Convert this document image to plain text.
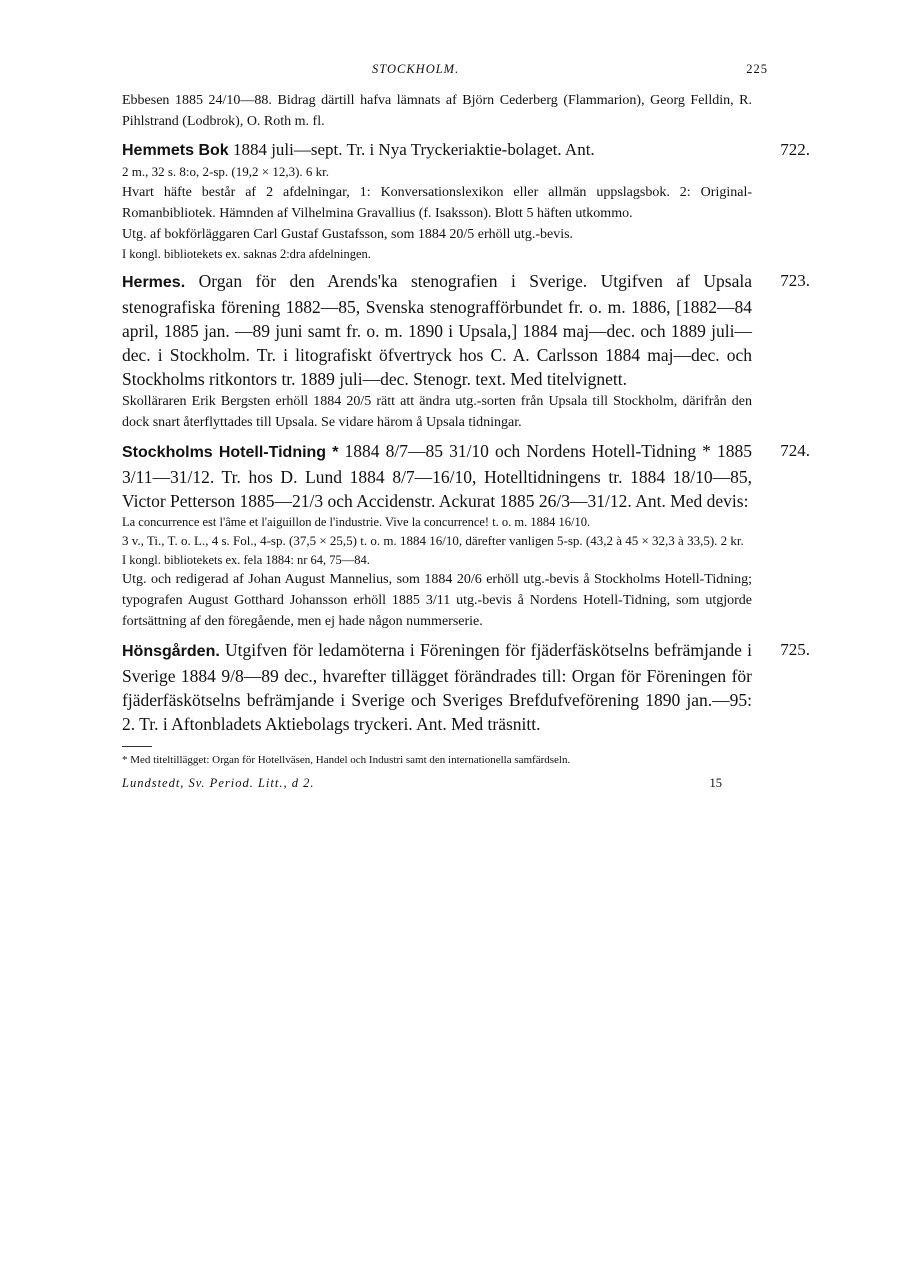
STOCKHOLM.	225
Ebbesen 1885 24/10—88. Bidrag därtill hafva lämnats af Björn Cederberg (Flammarion), Georg Felldin, R. Pihlstrand (Lodbrok), O. Roth m. fl.
Hemmets Bok 1884 juli—sept. Tr. i Nya Tryckeriaktie-bolaget. Ant.	722.
2 m., 32 s. 8:o, 2-sp. (19,2 × 12,3). 6 kr.
Hvart häfte består af 2 afdelningar, 1: Konversationslexikon eller allmän uppslagsbok. 2: Original-Romanbibliotek. Hämnden af Vilhelmina Gravallius (f. Isaksson). Blott 5 häften utkommo.
Utg. af bokförläggaren Carl Gustaf Gustafsson, som 1884 20/5 erhöll utg.-bevis.
I kongl. bibliotekets ex. saknas 2:dra afdelningen.
Hermes. Organ för den Arends'ka stenografien i Sverige. Utgifven af Upsala stenografiska förening 1882—85, Svenska stenografförbundet fr. o. m. 1886, [1882—84 april, 1885 jan. —89 juni samt fr. o. m. 1890 i Upsala,] 1884 maj—dec. och 1889 juli—dec. i Stockholm. Tr. i litografiskt öfvertryck hos C. A. Carlsson 1884 maj—dec. och Stockholms ritkontors tr. 1889 juli—dec. Stenogr. text. Med titelvignett.
723.
Skolläraren Erik Bergsten erhöll 1884 20/5 rätt att ändra utg.-sorten från Upsala till Stockholm, därifrån den dock snart återflyttades till Upsala. Se vidare härom å Upsala tidningar.
Stockholms Hotell-Tidning * 1884 8/7—85 31/10 och Nordens Hotell-Tidning * 1885 3/11—31/12. Tr. hos D. Lund 1884 8/7—16/10, Hotelltidningens tr. 1884 18/10—85, Victor Petterson 1885—21/3 och Accidenstr. Ackurat 1885 26/3—31/12. Ant. Med devis:
724.
La concurrence est l'âme et l'aiguillon de l'industrie. Vive la concurrence! t. o. m. 1884 16/10.
3 v., Ti., T. o. L., 4 s. Fol., 4-sp. (37,5 × 25,5) t. o. m. 1884 16/10, därefter vanligen 5-sp. (43,2 à 45 × 32,3 à 33,5). 2 kr.
I kongl. bibliotekets ex. fela 1884: nr 64, 75—84.
Utg. och redigerad af Johan August Mannelius, som 1884 20/6 erhöll utg.-bevis å Stockholms Hotell-Tidning; typografen August Gotthard Johansson erhöll 1885 3/11 utg.-bevis å Nordens Hotell-Tidning, som utgjorde fortsättning af den föregående, men ej hade någon nummerserie.
Hönsgården. Utgifven för ledamöterna i Föreningen för fjäderfäskötselns befrämjande i Sverige 1884 9/8—89 dec., hvarefter tillägget förändrades till: Organ för Föreningen för fjäderfäskötselns befrämjande i Sverige och Sveriges Brefdufveförening 1890 jan.—95: 2. Tr. i Aftonbladets Aktiebolags tryckeri. Ant. Med träsnitt.
725.
* Med titeltillägget: Organ för Hotellväsen, Handel och Industri samt den internationella samfärdseln.
Lundstedt, Sv. Period. Litt., d 2.	15
